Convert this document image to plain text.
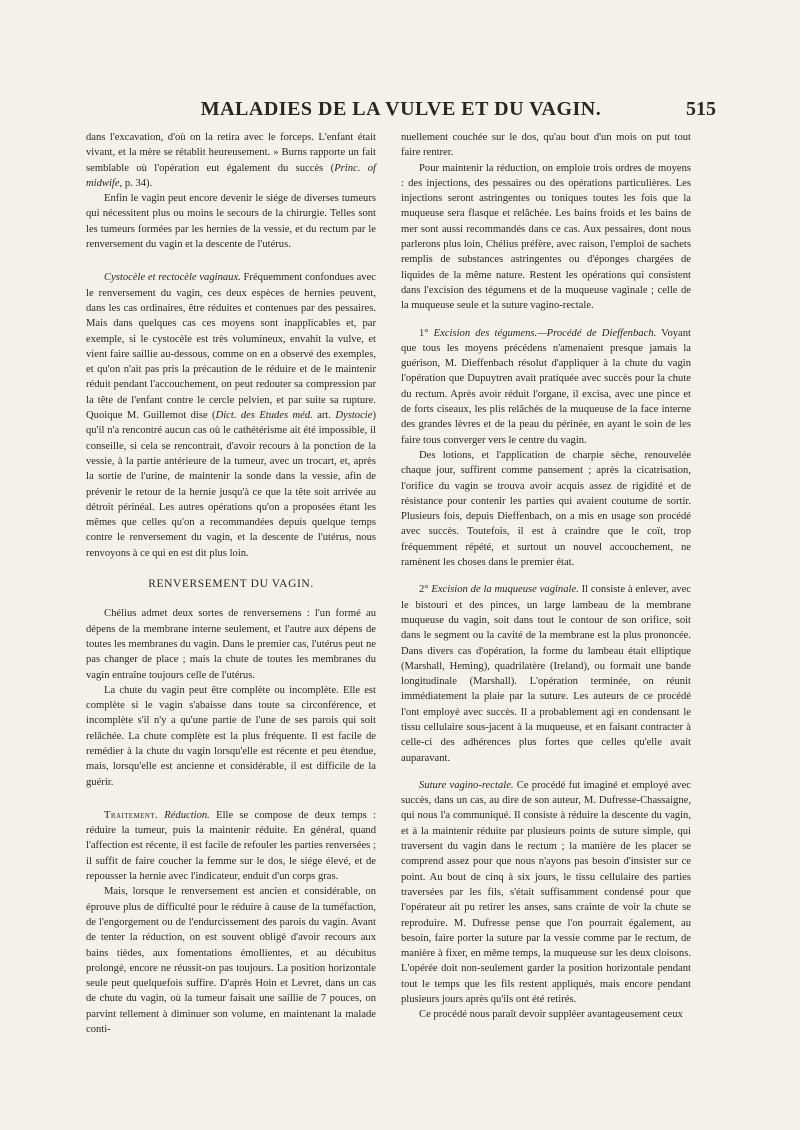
MALADIES DE LA VULVE ET DU VAGIN.	515

dans l'excavation, d'où on la retira avec le forceps. L'enfant était vivant, et la mère se rétablit heureusement. » Burns rapporte un fait semblable où l'opération eut également du succès (Princ. of midwife, p. 34).

Enfin le vagin peut encore devenir le siége de diverses tumeurs qui nécessitent plus ou moins le secours de la chirurgie. Telles sont les tumeurs formées par les hernies de la vessie, et du rectum par le renversement du vagin et la descente de l'utérus.

Cystocèle et rectocèle vaginaux. Fréquemment confondues avec le renversement du vagin, ces deux espèces de hernies peuvent, dans les cas ordinaires, être réduites et contenues par des pessaires. Mais dans quelques cas ces moyens sont inapplicables et, par exemple, si le cystocèle est très volumineux, envahit la vulve, et vient faire saillie au-dessous, comme on en a observé des exemples, et qu'on n'ait pas pris la précaution de le réduire et de le maintenir réduit pendant l'accouchement, on peut redouter sa compression par la tête de l'enfant contre le cercle pelvien, et par suite sa rupture. Quoique M. Guillemot dise (Dict. des Etudes méd. art. Dystocie) qu'il n'a rencontré aucun cas où le cathétérisme ait été impossible, il conseille, si cela se rencontrait, d'avoir recours à la ponction de la vessie, à la partie antérieure de la tumeur, avec un trocart, et, après la sortie de l'urine, de maintenir la sonde dans la vessie, afin de prévenir le retour de la hernie jusqu'à ce que la tête soit arrivée au détroit périnéal. Les autres opérations qu'on a proposées étant les mêmes que celles qu'on a recommandées depuis quelque temps contre le renversement du vagin, et la descente de l'utérus, nous renvoyons à ce qui en est dit plus loin.

RENVERSEMENT DU VAGIN.

Chélius admet deux sortes de renversemens : l'un formé au dépens de la membrane interne seulement, et l'autre aux dépens de toutes les membranes du vagin. Dans le premier cas, l'utérus peut ne pas changer de place ; mais la chute de toutes les membranes du vagin entraîne toujours celle de l'utérus.

La chute du vagin peut être complète ou incomplète. Elle est complète si le vagin s'abaisse dans toute sa circonférence, et incomplète s'il n'y a qu'une partie de l'une de ses parois qui soit relâchée. La chute complète est la plus fréquente. Il est facile de remédier à la chute du vagin lorsqu'elle est récente et peu étendue, mais, lorsqu'elle est ancienne et considérable, il est difficile de la guérir.

Traitement. Réduction. Elle se compose de deux temps : réduire la tumeur, puis la maintenir réduite. En général, quand l'affection est récente, il est facile de refouler les parties renversées ; il suffit de faire coucher la femme sur le dos, le siége élevé, et de repousser la hernie avec l'indicateur, enduit d'un corps gras.

Mais, lorsque le renversement est ancien et considérable, on éprouve plus de difficulté pour le réduire à cause de la tuméfaction, de l'engorgement ou de l'endurcissement des parois du vagin. Avant de tenter la réduction, on est souvent obligé d'avoir recours aux bains tièdes, aux fomentations émollientes, et au décubitus prolongé, encore ne réussit-on pas toujours. La position horizontale seule peut quelquefois suffire. D'après Hoin et Levret, dans un cas de chute du vagin, où la tumeur faisait une saillie de 7 pouces, on parvint tellement à diminuer son volume, en maintenant la malade conti-

nuellement couchée sur le dos, qu'au bout d'un mois on put tout faire rentrer.

Pour maintenir la réduction, on emploie trois ordres de moyens : des injections, des pessaires ou des opérations particulières. Les injections seront astringentes ou toniques toutes les fois que la muqueuse sera flasque et relâchée. Les bains froids et les bains de mer sont aussi recommandés dans ce cas. Aux pessaires, dont nous parlerons plus loin, Chélius préfère, avec raison, l'emploi de sachets remplis de substances astringentes ou d'éponges chargées de liquides de la même nature. Restent les opérations qui consistent dans l'excision des tégumens et de la muqueuse vaginale ; celle de la muqueuse seule et la suture vagino-rectale.

1° Excision des tégumens.—Procédé de Dieffenbach. Voyant que tous les moyens précédens n'amenaient presque jamais la guérison, M. Dieffenbach résolut d'appliquer à la chute du vagin l'opération que Dupuytren avait pratiquée avec succès pour la chute du rectum. Après avoir réduit l'organe, il excisa, avec une pince et de forts ciseaux, les plis relâchés de la muqueuse de la face interne des grandes lèvres et de la peau du périnée, en ayant le soin de les faire tous converger vers le centre du vagin.

Des lotions, et l'application de charpie sèche, renouvelée chaque jour, suffirent comme pansement ; après la cicatrisation, l'orifice du vagin se trouva avoir acquis assez de rigidité et de résistance pour contenir les parties qui avaient coutume de sortir. Plusieurs fois, depuis Dieffenbach, on a mis en usage son procédé avec succès. Toutefois, il est à craindre que le coït, trop fréquemment répété, et surtout un nouvel accouchement, ne ramènent les choses dans le premier état.

2° Excision de la muqueuse vaginale. Il consiste à enlever, avec le bistouri et des pinces, un large lambeau de la membrane muqueuse du vagin, soit dans tout le contour de son orifice, soit dans le segment ou la cavité de la membrane est la plus prononcée. Dans divers cas d'opération, la forme du lambeau était elliptique (Marshall, Heming), quadrilatère (Ireland), ou formait une bande longitudinale (Marshall). L'opération terminée, on réunit immédiatement la plaie par la suture. Les auteurs de ce procédé l'ont employé avec succès. Il a probablement agi en condensant le tissu cellulaire sous-jacent à la muqueuse, et en faisant contracter à celle-ci des adhérences plus fortes que celles qu'elle avait auparavant.

Suture vagino-rectale. Ce procédé fut imaginé et employé avec succès, dans un cas, au dire de son auteur, M. Dufresse-Chassaigne, qui nous l'a communiqué. Il consiste à réduire la descente du vagin, et à la maintenir réduite par plusieurs points de suture simple, qui traversent du vagin dans le rectum ; la manière de les placer se comprend assez pour que nous n'ayons pas besoin d'insister sur ce point. Au bout de cinq à six jours, le tissu cellulaire des parties traversées par les fils, s'était suffisamment condensé pour que l'opérateur ait pu retirer les anses, sans crainte de voir la chute se reproduire. M. Dufresse pense que l'on pourrait également, au besoin, faire porter la suture par la vessie comme par le rectum, de manière à fixer, en même temps, la muqueuse sur les deux cloisons. L'opérée doit non-seulement garder la position horizontale pendant tout le temps que les fils restent appliqués, mais encore pendant plusieurs jours après qu'ils ont été retirés.

Ce procédé nous paraît devoir suppléer avantageusement ceux
